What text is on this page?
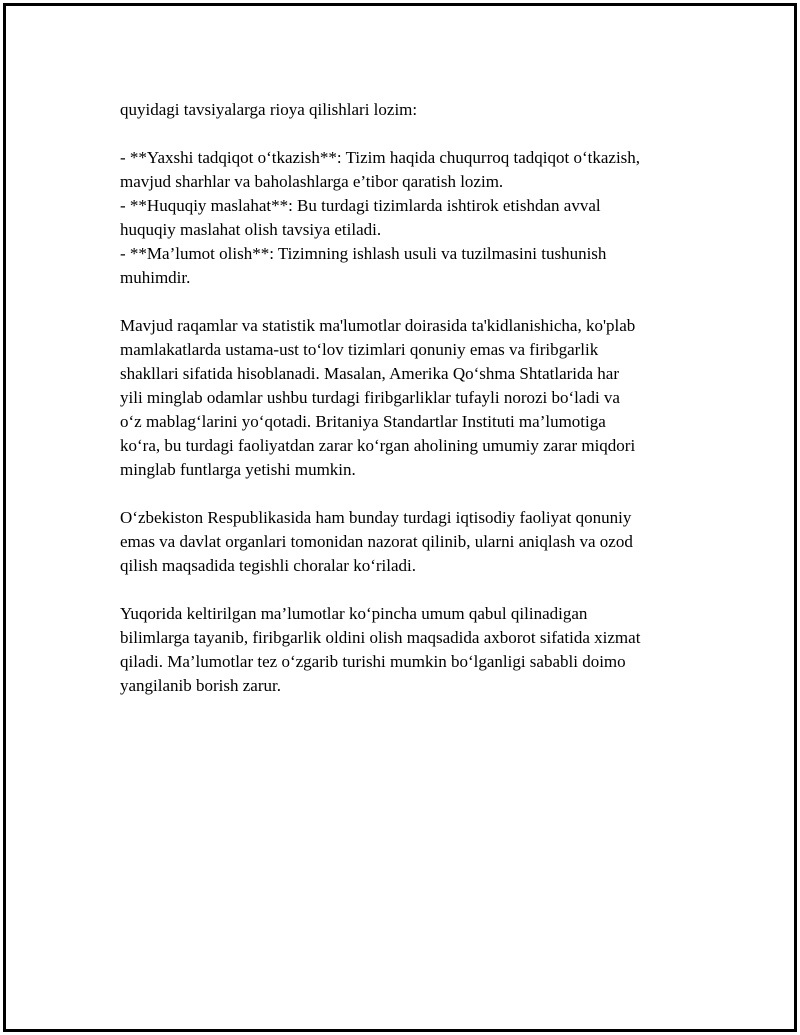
quyidagi tavsiyalarga rioya qilishlari lozim:

- **Yaxshi tadqiqot o‘tkazish**: Tizim haqida chuqurroq tadqiqot o‘tkazish,
mavjud sharhlar va baholashlarga e’tibor qaratish lozim.

- **Huquqiy maslahat**: Bu turdagi tizimlarda ishtirok etishdan avval
huquqiy maslahat olish tavsiya etiladi.

- **Ma’lumot olish**: Tizimning ishlash usuli va tuzilmasini tushunish
muhimdir.

Mavjud raqamlar va statistik ma'lumotlar doirasida ta'kidlanishicha, ko'plab
mamlakatlarda ustama-ust to‘lov tizimlari qonuniy emas va firibgarlik
shakllari sifatida hisoblanadi. Masalan, Amerika Qo‘shma Shtatlarida har
yili minglab odamlar ushbu turdagi firibgarliklar tufayli norozi bo‘ladi va
o‘z mablag‘larini yo‘qotadi. Britaniya Standartlar Instituti ma’lumotiga
ko‘ra, bu turdagi faoliyatdan zarar ko‘rgan aholining umumiy zarar miqdori
minglab funtlarga yetishi mumkin.

O‘zbekiston Respublikasida ham bunday turdagi iqtisodiy faoliyat qonuniy
emas va davlat organlari tomonidan nazorat qilinib, ularni aniqlash va ozod
qilish maqsadida tegishli choralar ko‘riladi.

Yuqorida keltirilgan ma’lumotlar ko‘pincha umum qabul qilinadigan
bilimlarga tayanib, firibgarlik oldini olish maqsadida axborot sifatida xizmat
qiladi. Ma’lumotlar tez o‘zgarib turishi mumkin bo‘lganligi sababli doimo
yangilanib borish zarur.
